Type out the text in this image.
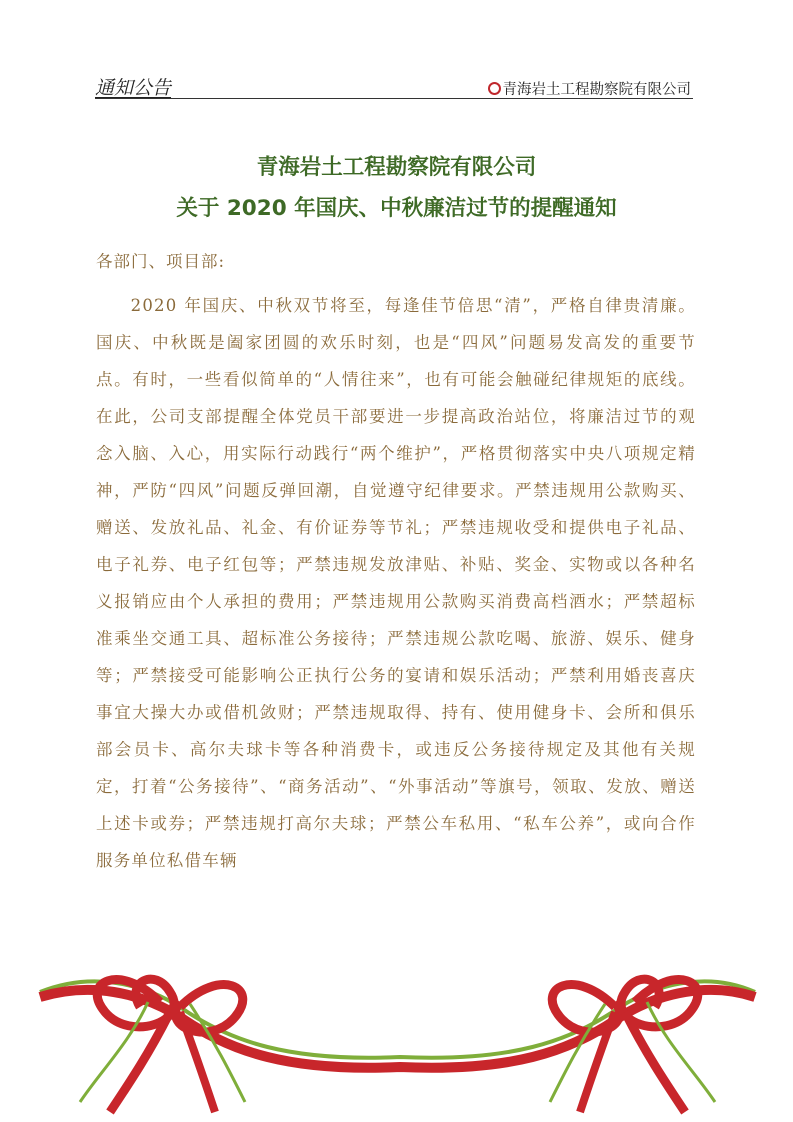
通知公告	青海岩土工程勘察院有限公司
青海岩土工程勘察院有限公司
关于 2020 年国庆、中秋廉洁过节的提醒通知
各部门、项目部:

2020 年国庆、中秋双节将至，每逢佳节倍思“清”，严格自律贵清廉。国庆、中秋既是阖家团圆的欢乐时刻，也是“四风”问题易发高发的重要节点。有时，一些看似简单的“人情往来”，也有可能会触碰纪律规矩的底线。在此，公司支部提醒全体党员干部要进一步提高政治站位，将廉洁过节的观念入脑、入心，用实际行动践行“两个维护”，严格贯彻落实中央八项规定精神，严防“四风”问题反弹回潮，自觉遵守纪律要求。严禁违规用公款购买、赠送、发放礼品、礼金、有价证券等节礼；严禁违规收受和提供电子礼品、电子礼券、电子红包等；严禁违规发放津贴、补贴、奖金、实物或以各种名义报销应由个人承担的费用；严禁违规用公款购买消费高档酒水；严禁超标准乘坐交通工具、超标准公务接待；严禁违规公款吃喝、旅游、娱乐、健身等；严禁接受可能影响公正执行公务的宴请和娱乐活动；严禁利用婚丧喜庆事宜大操大办或借机敛财；严禁违规取得、持有、使用健身卡、会所和俱乐部会员卡、高尔夫球卡等各种消费卡，或违反公务接待规定及其他有关规定，打着“公务接待”、“商务活动”、“外事活动”等旗号，领取、发放、赠送上述卡或券；严禁违规打高尔夫球；严禁公车私用、“私车公养”，或向合作服务单位私借车辆
